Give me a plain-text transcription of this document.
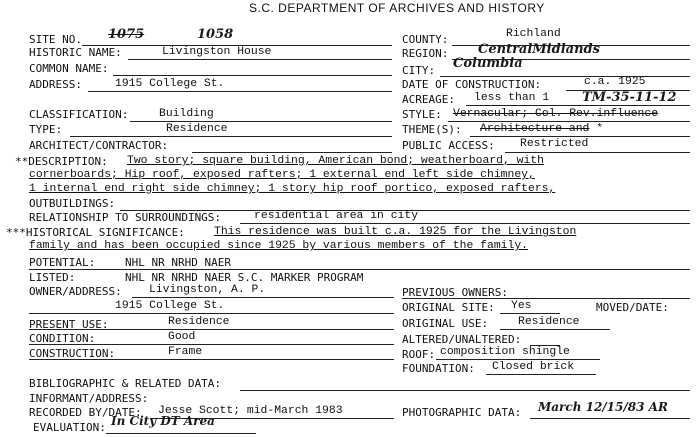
S.C. DEPARTMENT OF ARCHIVES AND HISTORY
SITE NO. 1075	1058
HISTORIC NAME:	Livingston House
COMMON NAME:
ADDRESS:	1915 College St.
CLASSIFICATION:	Building
TYPE:	Residence
ARCHITECT/CONTRACTOR:
COUNTY:	Richland
REGION: CentralMidlands
CITY: Columbia
DATE OF CONSTRUCTION:	c.a. 1925
ACREAGE: less than 1	TM-35-11-12
STYLE: Vernacular; Col. Rev.influence
THEME(S): Architecture and *
PUBLIC ACCESS: Restricted
**DESCRIPTION: Two story; square building, American bond; weatherboard, with
cornerboards; Hip roof, exposed rafters; 1 external end left side chimney,
1 internal end right side chimney; 1 story hip roof portico, exposed rafters,
OUTBUILDINGS:
RELATIONSHIP TO SURROUNDINGS:	residential area in city
***HISTORICAL SIGNIFICANCE:	This residence was built c.a. 1925 for the Livingston
family and has been occupied since 1925 by various members of the family.
POTENTIAL:	NHL NR NRHD NAER
LISTED:	NHL NR NRHD NAER S.C. MARKER PROGRAM
OWNER/ADDRESS: Livingston, A. P.
1915 College St.
PREVIOUS OWNERS:
ORIGINAL SITE: Yes	MOVED/DATE:
PRESENT USE:	Residence	ORIGINAL USE:	Residence
CONDITION:	Good	ALTERED/UNALTERED:
CONSTRUCTION:	Frame	ROOF: composition shingle
FOUNDATION: Closed brick
BIBLIOGRAPHIC & RELATED DATA:
INFORMANT/ADDRESS:
RECORDED BY/DATE: Jesse Scott; mid-March 1983	PHOTOGRAPHIC DATA: March 12/15/83 AR
EVALUATION: In City DT Area
